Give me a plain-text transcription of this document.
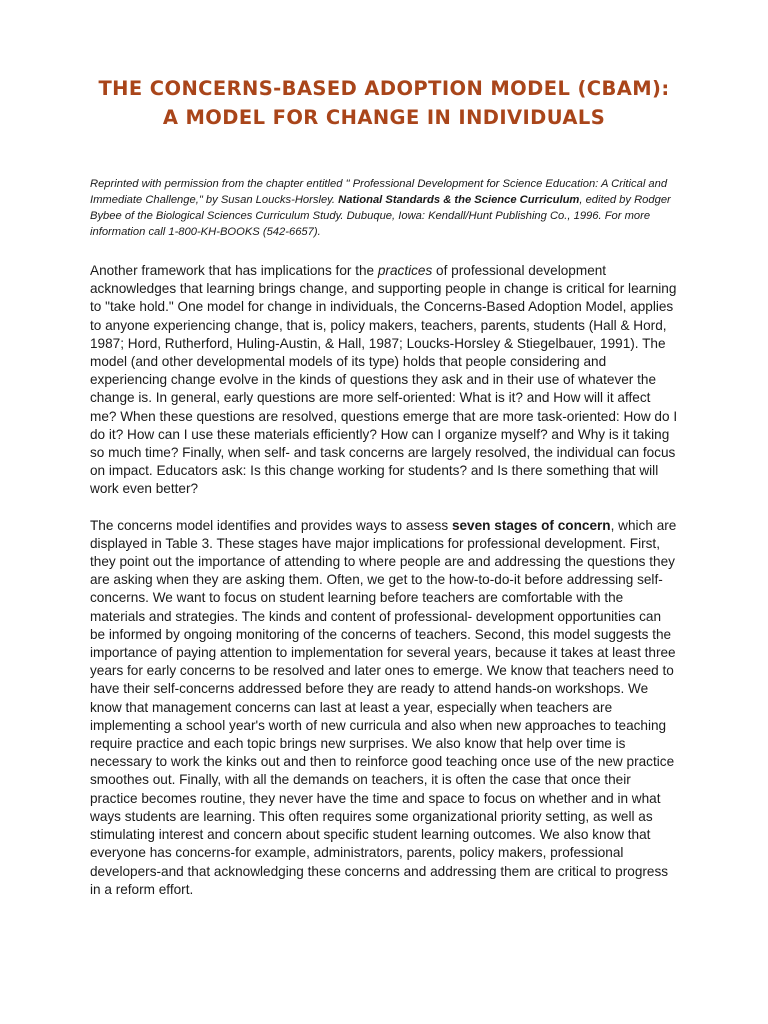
THE CONCERNS-BASED ADOPTION MODEL (CBAM):
A MODEL FOR CHANGE IN INDIVIDUALS

Reprinted with permission from the chapter entitled " Professional Development for Science Education: A Critical and Immediate Challenge," by Susan Loucks-Horsley. National Standards & the Science Curriculum, edited by Rodger Bybee of the Biological Sciences Curriculum Study. Dubuque, Iowa: Kendall/Hunt Publishing Co., 1996. For more information call 1-800-KH-BOOKS (542-6657).

Another framework that has implications for the practices of professional development acknowledges that learning brings change, and supporting people in change is critical for learning to "take hold." One model for change in individuals, the Concerns-Based Adoption Model, applies to anyone experiencing change, that is, policy makers, teachers, parents, students (Hall & Hord, 1987; Hord, Rutherford, Huling-Austin, & Hall, 1987; Loucks-Horsley & Stiegelbauer, 1991). The model (and other developmental models of its type) holds that people considering and experiencing change evolve in the kinds of questions they ask and in their use of whatever the change is. In general, early questions are more self-oriented: What is it? and How will it affect me? When these questions are resolved, questions emerge that are more task-oriented: How do I do it? How can I use these materials efficiently? How can I organize myself? and Why is it taking so much time? Finally, when self- and task concerns are largely resolved, the individual can focus on impact. Educators ask: Is this change working for students? and Is there something that will work even better?

The concerns model identifies and provides ways to assess seven stages of concern, which are displayed in Table 3. These stages have major implications for professional development. First, they point out the importance of attending to where people are and addressing the questions they are asking when they are asking them. Often, we get to the how-to-do-it before addressing self-concerns. We want to focus on student learning before teachers are comfortable with the materials and strategies. The kinds and content of professional- development opportunities can be informed by ongoing monitoring of the concerns of teachers. Second, this model suggests the importance of paying attention to implementation for several years, because it takes at least three years for early concerns to be resolved and later ones to emerge. We know that teachers need to have their self-concerns addressed before they are ready to attend hands-on workshops. We know that management concerns can last at least a year, especially when teachers are implementing a school year's worth of new curricula and also when new approaches to teaching require practice and each topic brings new surprises. We also know that help over time is necessary to work the kinks out and then to reinforce good teaching once use of the new practice smoothes out. Finally, with all the demands on teachers, it is often the case that once their practice becomes routine, they never have the time and space to focus on whether and in what ways students are learning. This often requires some organizational priority setting, as well as stimulating interest and concern about specific student learning outcomes. We also know that everyone has concerns-for example, administrators, parents, policy makers, professional developers-and that acknowledging these concerns and addressing them are critical to progress in a reform effort.
